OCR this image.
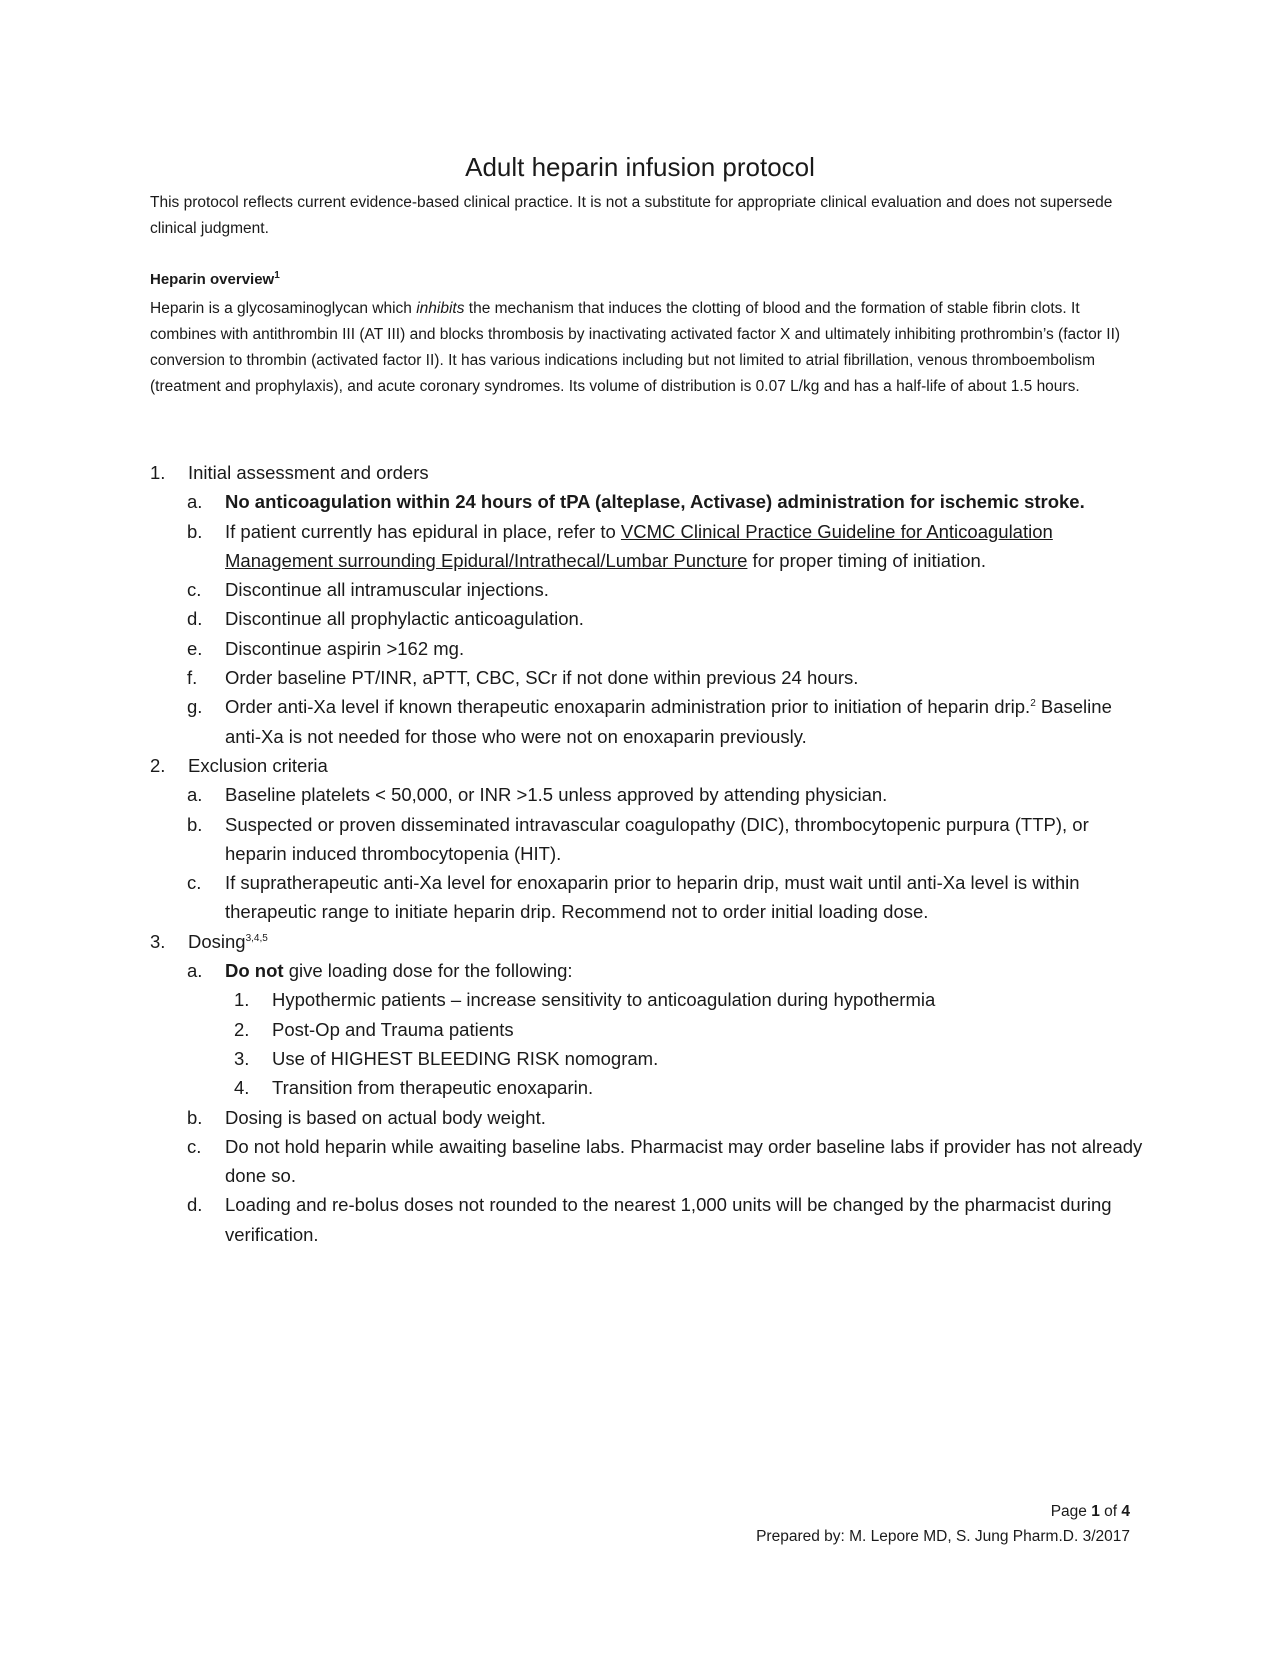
Adult heparin infusion protocol
This protocol reflects current evidence-based clinical practice. It is not a substitute for appropriate clinical evaluation and does not supersede clinical judgment.
Heparin overview$^1$
Heparin is a glycosaminoglycan which inhibits the mechanism that induces the clotting of blood and the formation of stable fibrin clots. It combines with antithrombin III (AT III) and blocks thrombosis by inactivating activated factor X and ultimately inhibiting prothrombin’s (factor II) conversion to thrombin (activated factor II). It has various indications including but not limited to atrial fibrillation, venous thromboembolism (treatment and prophylaxis), and acute coronary syndromes. Its volume of distribution is 0.07 L/kg and has a half-life of about 1.5 hours.
1.	Initial assessment and orders
a.	No anticoagulation within 24 hours of tPA (alteplase, Activase) administration for ischemic stroke.
b.	If patient currently has epidural in place, refer to VCMC Clinical Practice Guideline for Anticoagulation Management surrounding Epidural/Intrathecal/Lumbar Puncture for proper timing of initiation.
c.	Discontinue all intramuscular injections.
d.	Discontinue all prophylactic anticoagulation.
e.	Discontinue aspirin >162 mg.
f.	Order baseline PT/INR, aPTT, CBC, SCr if not done within previous 24 hours.
g.	Order anti-Xa level if known therapeutic enoxaparin administration prior to initiation of heparin drip.$^2$ Baseline anti-Xa is not needed for those who were not on enoxaparin previously.
2.	Exclusion criteria
a.	Baseline platelets < 50,000, or INR >1.5 unless approved by attending physician.
b.	Suspected or proven disseminated intravascular coagulopathy (DIC), thrombocytopenic purpura (TTP), or heparin induced thrombocytopenia (HIT).
c.	If supratherapeutic anti-Xa level for enoxaparin prior to heparin drip, must wait until anti-Xa level is within therapeutic range to initiate heparin drip. Recommend not to order initial loading dose.
3.	Dosing$^{3,4,5}$
a.	Do not give loading dose for the following:
1.	Hypothermic patients – increase sensitivity to anticoagulation during hypothermia
2.	Post-Op and Trauma patients
3.	Use of HIGHEST BLEEDING RISK nomogram.
4.	Transition from therapeutic enoxaparin.
b.	Dosing is based on actual body weight.
c.	Do not hold heparin while awaiting baseline labs. Pharmacist may order baseline labs if provider has not already done so.
d.	Loading and re-bolus doses not rounded to the nearest 1,000 units will be changed by the pharmacist during verification.
Page 1 of 4
Prepared by: M. Lepore MD, S. Jung Pharm.D. 3/2017
